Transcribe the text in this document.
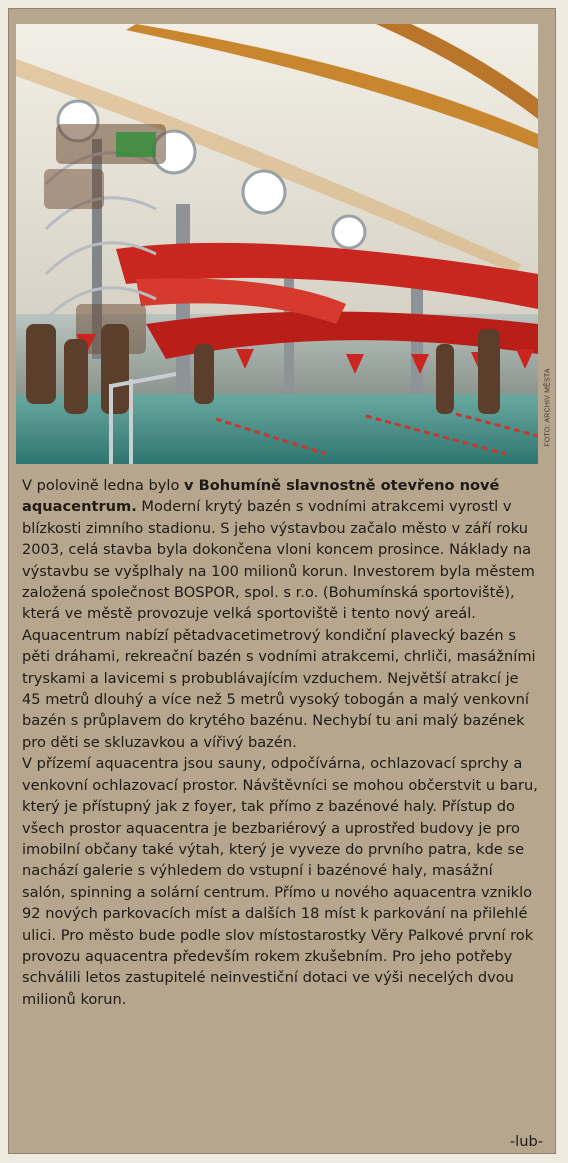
FOTO: ARCHIV MĚSTA

V polovině ledna bylo v Bohumíně slavnostně otevřeno nové aquacentrum. Moderní krytý bazén s vodními atrakcemi vyrostl v blízkosti zimního stadionu. S jeho výstavbou začalo město v září roku 2003, celá stavba byla dokončena vloni koncem prosince. Náklady na výstavbu se vyšplhaly na 100 milionů korun. Investorem byla městem založená společnost BOSPOR, spol. s r.o. (Bohumínská sportoviště), která ve městě provozuje velká sportoviště i tento nový areál. Aquacentrum nabízí pětadvacetimetrový kondiční plavecký bazén s pěti dráhami, rekreační bazén s vodními atrakcemi, chrliči, masážními tryskami a lavicemi s probublávajícím vzduchem. Největší atrakcí je 45 metrů dlouhý a více než 5 metrů vysoký tobogán a malý venkovní bazén s průplavem do krytého bazénu. Nechybí tu ani malý bazének pro děti se skluzavkou a vířivý bazén.

V přízemí aquacentra jsou sauny, odpočívárna, ochlazovací sprchy a venkovní ochlazovací prostor. Návštěvníci se mohou občerstvit u baru, který je přístupný jak z foyer, tak přímo z bazénové haly. Přístup do všech prostor aquacentra je bezbariérový a uprostřed budovy je pro imobilní občany také výtah, který je vyveze do prvního patra, kde se nachází galerie s výhledem do vstupní i bazénové haly, masážní salón, spinning a solární centrum. Přímo u nového aquacentra vzniklo 92 nových parkovacích míst a dalších 18 míst k parkování na přilehlé ulici. Pro město bude podle slov místostarostky Věry Palkové první rok provozu aquacentra především rokem zkušebním. Pro jeho potřeby schválili letos zastupitelé neinvestiční dotaci ve výši necelých dvou milionů korun.

-lub-
